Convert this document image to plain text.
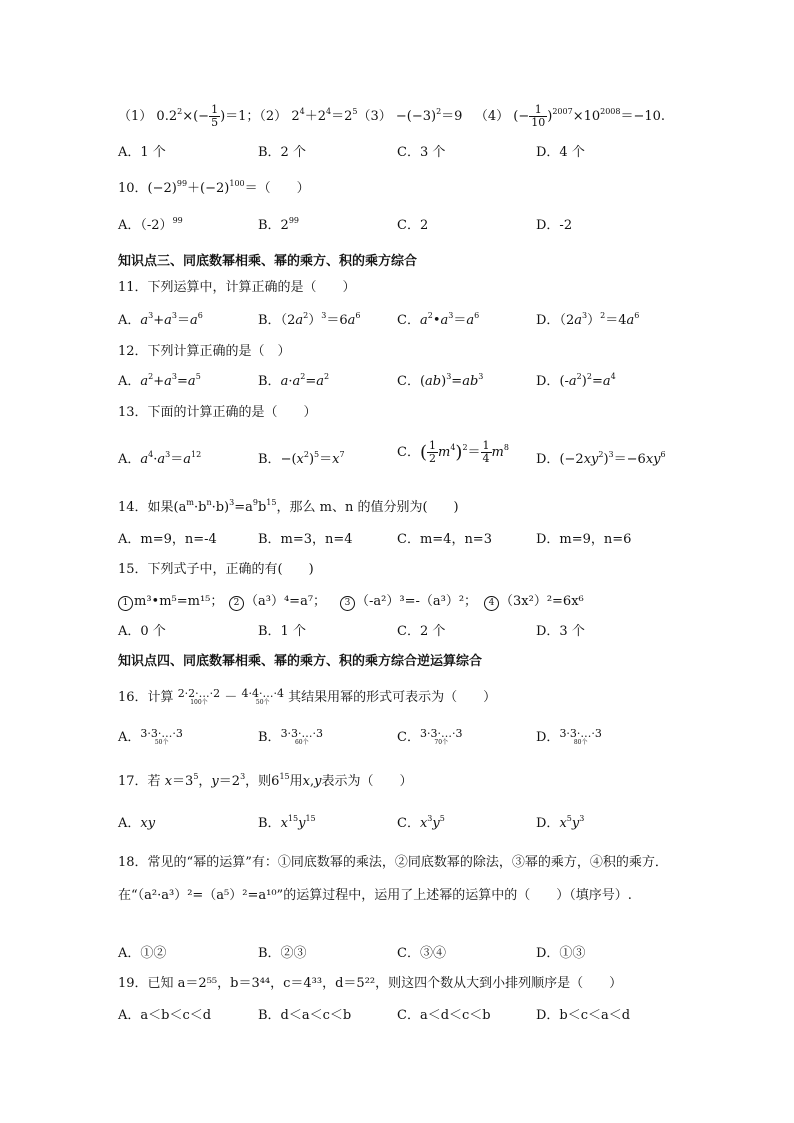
（1） $0.2^2\times(- \frac{1}{5} )=1$；（2） $2^4+2^4=2^5(3) -(-3)^2=9$ （4） (− $\frac{1}{10} )^{2007}\times 10^{2008}=-10$.
A．1 个	B．2 个	C．3 个	D．4 个
10．$(-2)^{99}+(-2)^{100}=$（　　）
A．$(-2)^{99}$	B．$2^{99}$	C．2	D．-2
知识点三、同底数幂相乘、幂的乘方、积的乘方综合
11．下列运算中，计算正确的是（　　）
A．$a^3+a^3=a^6$	B．$(2a^2)^3=6a^6$	C．$a^2•a^3=a^6$	D．$(2a^3)^2=4a^6$
12．下列计算正确的是（　）
A．$a^2+a^3=a^5$	B．$a\cdot a^2=a^2$	C．$(ab)^3=ab^3$	D．$(-a^2)^2=a^4$
13．下面的计算正确的是（　　）
A．$a^4\cdot a^3=a^{12}$	B．$-(x^2)^5=x^7$	C．( $\frac{1}{2} m^4)^2= \frac{1}{4} m^8$
D．$(-2xy^2)^3=-6xy^6$
14．如果$(a^m\cdot b^n\cdot b)^3=a^9b^{15}$，那么 m、n 的值分别为(　　)
A．m=9，n=-4	B．m=3，n=4	C．m=4，n=3	D．m=9，n=6
15．下列式子中，正确的有(　　)
1 m³•m⁵=m¹⁵；	2 （a³）⁴=a⁷；	3 （-a²）³=-（a³）²；	4 （3x²）²=6x⁶
A．0 个	B．1 个	C．2 个	D．3 个
知识点四、同底数幂相乘、幂的乘方、积的乘方综合逆运算综合
16．计算 2·2·…·2
100个 － 4·4·…·4
50个	其结果用幂的形式可表示为（　　）
A．3·3·…·3
50个	B．3·3·…·3
60个	C．3·3·…·3
70个	D．3·3·…·3
80个
17．若 $x=3^5$，$y=2^3$，则$6^{15}$用x,y表示为（　　）
A．xy	B．$x^{15}y^{15}$	C．$x^3y^5$	D．$x^5y^3$
18．常见的“幂的运算”有：①同底数幂的乘法，②同底数幂的除法，③幂的乘方，④积的乘方．在“（a²·a³）²=（a⁵）²=a¹⁰”的运算过程中，运用了上述幂的运算中的（　　）（填序号）.
A．①②	B．②③	C．③④	D．①③
19．已知 a＝2⁵⁵，b＝3⁴⁴，c＝4³³，d＝5²²，则这四个数从大到小排列顺序是（　　）
A．a＜b＜c＜d	B．d＜a＜c＜b	C．a＜d＜c＜b	D．b＜c＜a＜d
